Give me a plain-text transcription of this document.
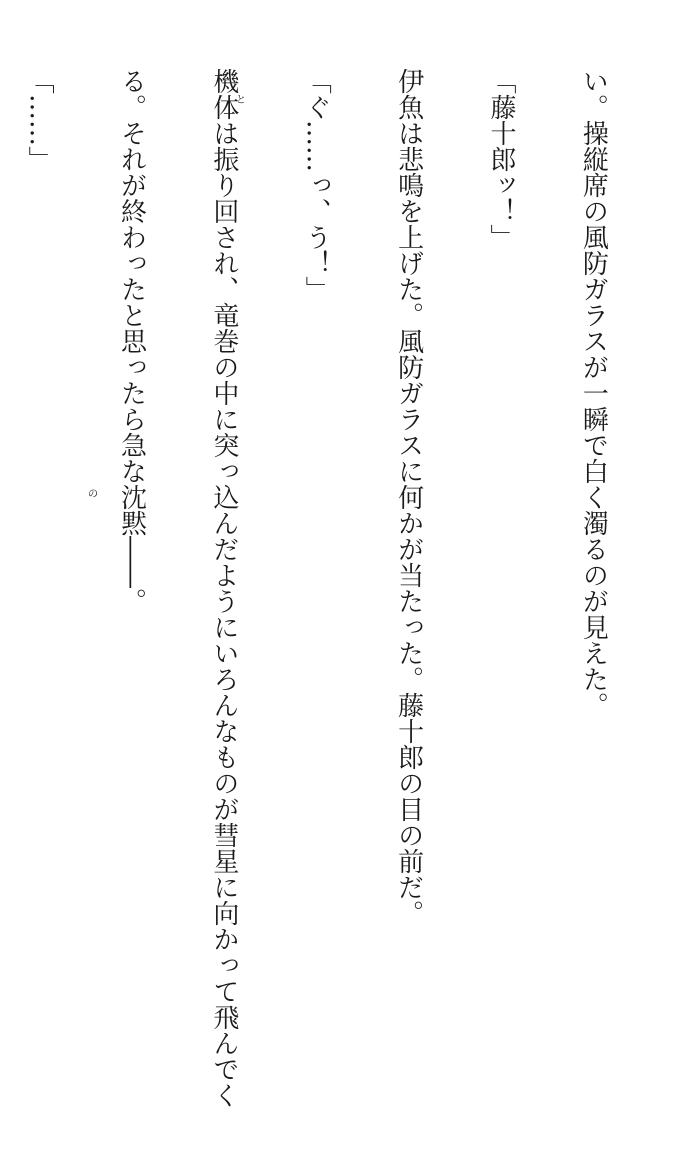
い。操縦席の風防ガラスが一瞬で白く濁るのが見えた。

「藤十郎ッ！」

伊魚は悲鳴を上げた。風防ガラスに何かが当たった。藤十郎の目の前だ。

「ぐ……っ、う！」

機体は振り回され、竜巻の中に突っ込んだようにいろんなものが彗星に向かって飛んでく

る。それが終わったと思ったら急な沈黙――。

「……」

	と
の
